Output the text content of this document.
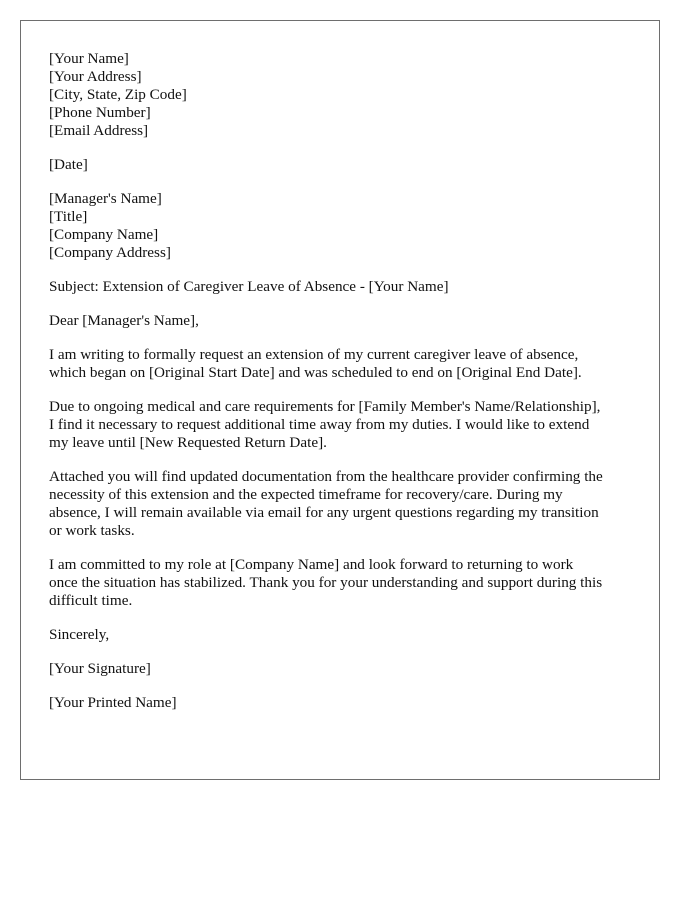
[Your Name]
[Your Address]
[City, State, Zip Code]
[Phone Number]
[Email Address]
[Date]
[Manager's Name]
[Title]
[Company Name]
[Company Address]
Subject: Extension of Caregiver Leave of Absence - [Your Name]
Dear [Manager's Name],
I am writing to formally request an extension of my current caregiver leave of absence,
which began on [Original Start Date] and was scheduled to end on [Original End Date].
Due to ongoing medical and care requirements for [Family Member's Name/Relationship],
I find it necessary to request additional time away from my duties. I would like to extend
my leave until [New Requested Return Date].
Attached you will find updated documentation from the healthcare provider confirming the
necessity of this extension and the expected timeframe for recovery/care. During my
absence, I will remain available via email for any urgent questions regarding my transition
or work tasks.
I am committed to my role at [Company Name] and look forward to returning to work
once the situation has stabilized. Thank you for your understanding and support during this
difficult time.
Sincerely,
[Your Signature]
[Your Printed Name]
